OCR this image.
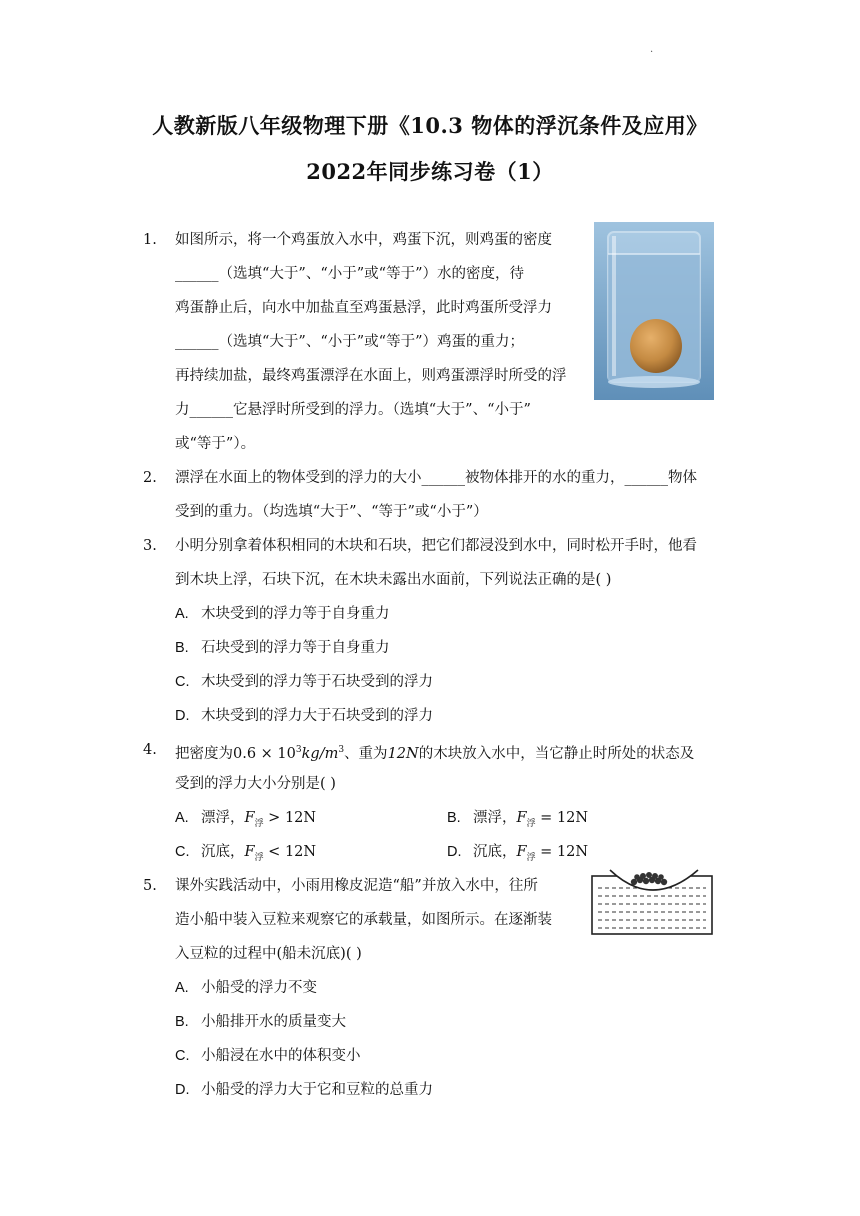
.
人教新版八年级物理下册《10.3 物体的浮沉条件及应用》
2022年同步练习卷（1）
1. 如图所示，将一个鸡蛋放入水中，鸡蛋下沉，则鸡蛋的密度
______（选填“大于”、“小于”或“等于”）水的密度，待
鸡蛋静止后，向水中加盐直至鸡蛋悬浮，此时鸡蛋所受浮力
______（选填“大于”、“小于”或“等于”）鸡蛋的重力；
再持续加盐，最终鸡蛋漂浮在水面上，则鸡蛋漂浮时所受的浮
力______它悬浮时所受到的浮力。（选填“大于”、“小于”
或“等于”）。
2. 漂浮在水面上的物体受到的浮力的大小______被物体排开的水的重力，______物体
受到的重力。（均选填“大于”、“等于”或“小于”）
3. 小明分别拿着体积相同的木块和石块，把它们都浸没到水中，同时松开手时，他看
到木块上浮，石块下沉，在木块未露出水面前，下列说法正确的是( )
A. 木块受到的浮力等于自身重力
B. 石块受到的浮力等于自身重力
C. 木块受到的浮力等于石块受到的浮力
D. 木块受到的浮力大于石块受到的浮力
4. 把密度为$0.6 \times 10^3kg/m^3$、重为12N的木块放入水中，当它静止时所处的状态及
受到的浮力大小分别是( )
A. 漂浮，$F_浮 > 12N$	B. 漂浮，$F_浮 = 12N$
C. 沉底，$F_浮 < 12N$	D. 沉底，$F_浮 = 12N$
5. 课外实践活动中，小雨用橡皮泥造“船”并放入水中，往所
造小船中装入豆粒来观察它的承载量，如图所示。在逐渐装
入豆粒的过程中(船未沉底)( )
A. 小船受的浮力不变
B. 小船排开水的质量变大
C. 小船浸在水中的体积变小
D. 小船受的浮力大于它和豆粒的总重力
